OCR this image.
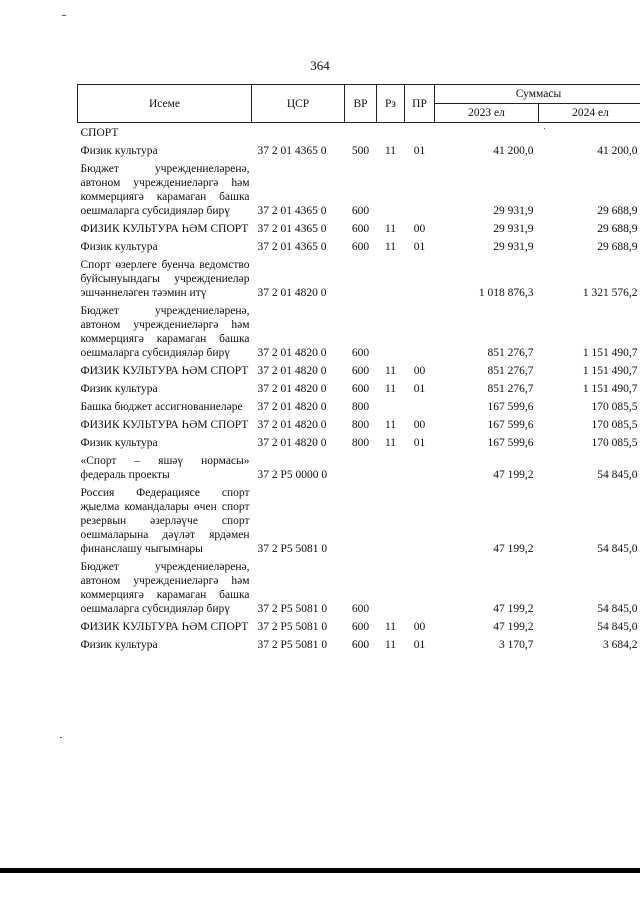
364
Исеме	ЦСР	ВР	Рз	ПР	Суммасы	
					2023 ел	2024 ел
СПОРТ						
Физик культура	37 2 01 4365 0	500	11	01	41 200,0	41 200,0
Бюджет учреждениеләренә, автоном учреждениеләргә һәм коммерциягә карамаган башка оешмаларга субсидияләр бирү	37 2 01 4365 0	600			29 931,9	29 688,9
ФИЗИК КУЛЬТУРА ҺӘМ СПОРТ	37 2 01 4365 0	600	11	00	29 931,9	29 688,9
Физик культура	37 2 01 4365 0	600	11	01	29 931,9	29 688,9
Спорт өзерлеге буенча ведомство буйсынуындагы учреждениеләр эшчәннеләген тәэмин итү	37 2 01 4820 0				1 018 876,3	1 321 576,2
Бюджет учреждениеләренә, автоном учреждениеләргә һәм коммерциягә карамаган башка оешмаларга субсидияләр бирү	37 2 01 4820 0	600			851 276,7	1 151 490,7
ФИЗИК КУЛЬТУРА ҺӘМ СПОРТ	37 2 01 4820 0	600	11	00	851 276,7	1 151 490,7
Физик культура	37 2 01 4820 0	600	11	01	851 276,7	1 151 490,7
Башка бюджет ассигнованиеләре	37 2 01 4820 0	800			167 599,6	170 085,5
ФИЗИК КУЛЬТУРА ҺӘМ СПОРТ	37 2 01 4820 0	800	11	00	167 599,6	170 085,5
Физик культура	37 2 01 4820 0	800	11	01	167 599,6	170 085,5
«Спорт – яшәү нормасы» федераль проекты	37 2 P5 0000 0				47 199,2	54 845,0
Россия Федерациясе спорт җыелма командалары өчен спорт резервын әзерләүче спорт оешмаларына дәүләт ярдәмен финанслашу чыгымнары	37 2 P5 5081 0				47 199,2	54 845,0
Бюджет учреждениеләренә, автоном учреждениеләргә һәм коммерциягә карамаган башка оешмаларга субсидияләр бирү	37 2 P5 5081 0	600			47 199,2	54 845,0
ФИЗИК КУЛЬТУРА ҺӘМ СПОРТ	37 2 P5 5081 0	600	11	00	47 199,2	54 845,0
Физик культура	37 2 P5 5081 0	600	11	01	3 170,7	3 684,2
